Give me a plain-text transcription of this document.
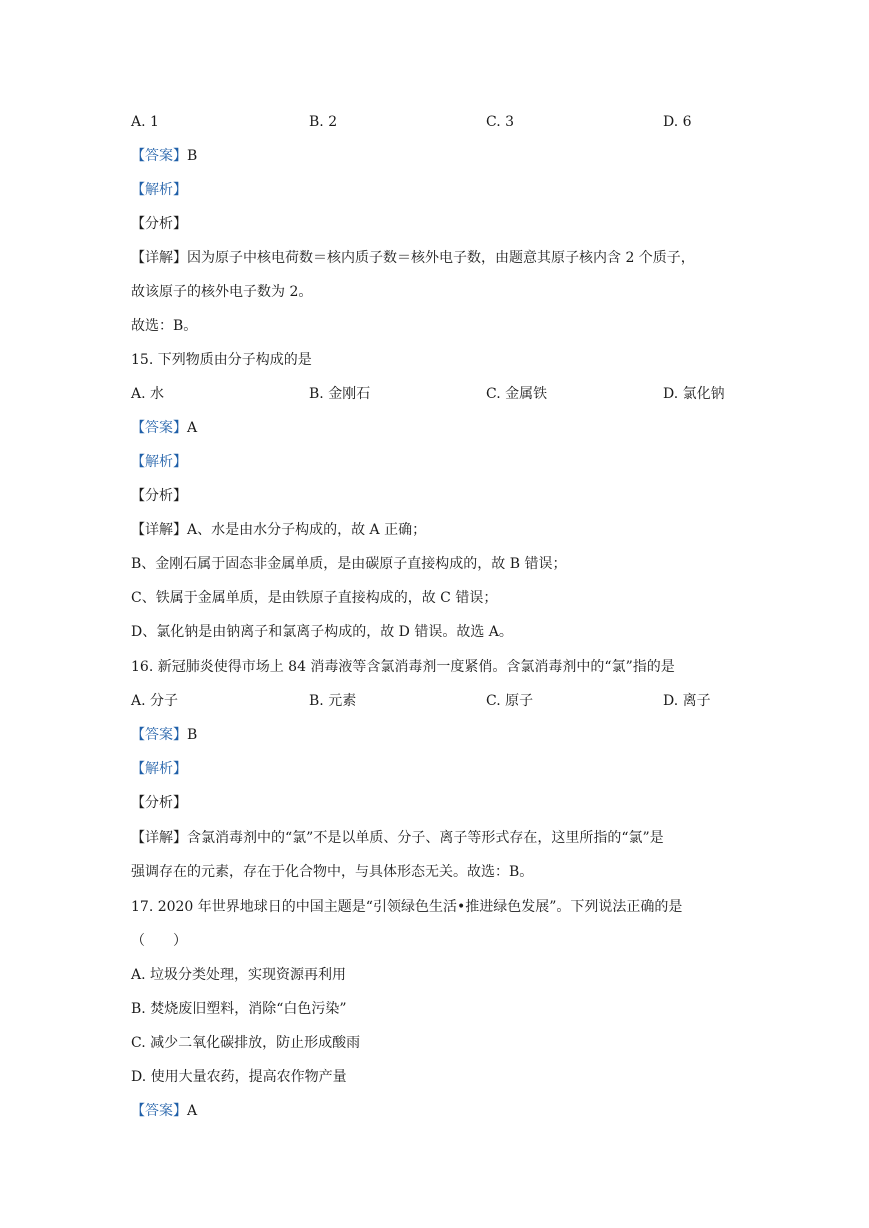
A. 1	B. 2	C. 3	D. 6
【答案】B
【解析】
【分析】
【详解】因为原子中核电荷数＝核内质子数＝核外电子数，由题意其原子核内含 2 个质子，
故该原子的核外电子数为 2。
故选：B。
15. 下列物质由分子构成的是
A. 水	B. 金刚石	C. 金属铁	D. 氯化钠
【答案】A
【解析】
【分析】
【详解】A、水是由水分子构成的，故 A 正确；
B、金刚石属于固态非金属单质，是由碳原子直接构成的，故 B 错误；
C、铁属于金属单质，是由铁原子直接构成的，故 C 错误；
D、氯化钠是由钠离子和氯离子构成的，故 D 错误。故选 A。
16. 新冠肺炎使得市场上 84 消毒液等含氯消毒剂一度紧俏。含氯消毒剂中的“氯”指的是
A. 分子	B. 元素	C. 原子	D. 离子
【答案】B
【解析】
【分析】
【详解】含氯消毒剂中的“氯”不是以单质、分子、离子等形式存在，这里所指的“氯”是
强调存在的元素，存在于化合物中，与具体形态无关。故选：B。
17. 2020 年世界地球日的中国主题是“引领绿色生活•推进绿色发展”。下列说法正确的是
（　　）
A. 垃圾分类处理，实现资源再利用
B. 焚烧废旧塑料，消除“白色污染”
C. 减少二氧化碳排放，防止形成酸雨
D. 使用大量农药，提高农作物产量
【答案】A
